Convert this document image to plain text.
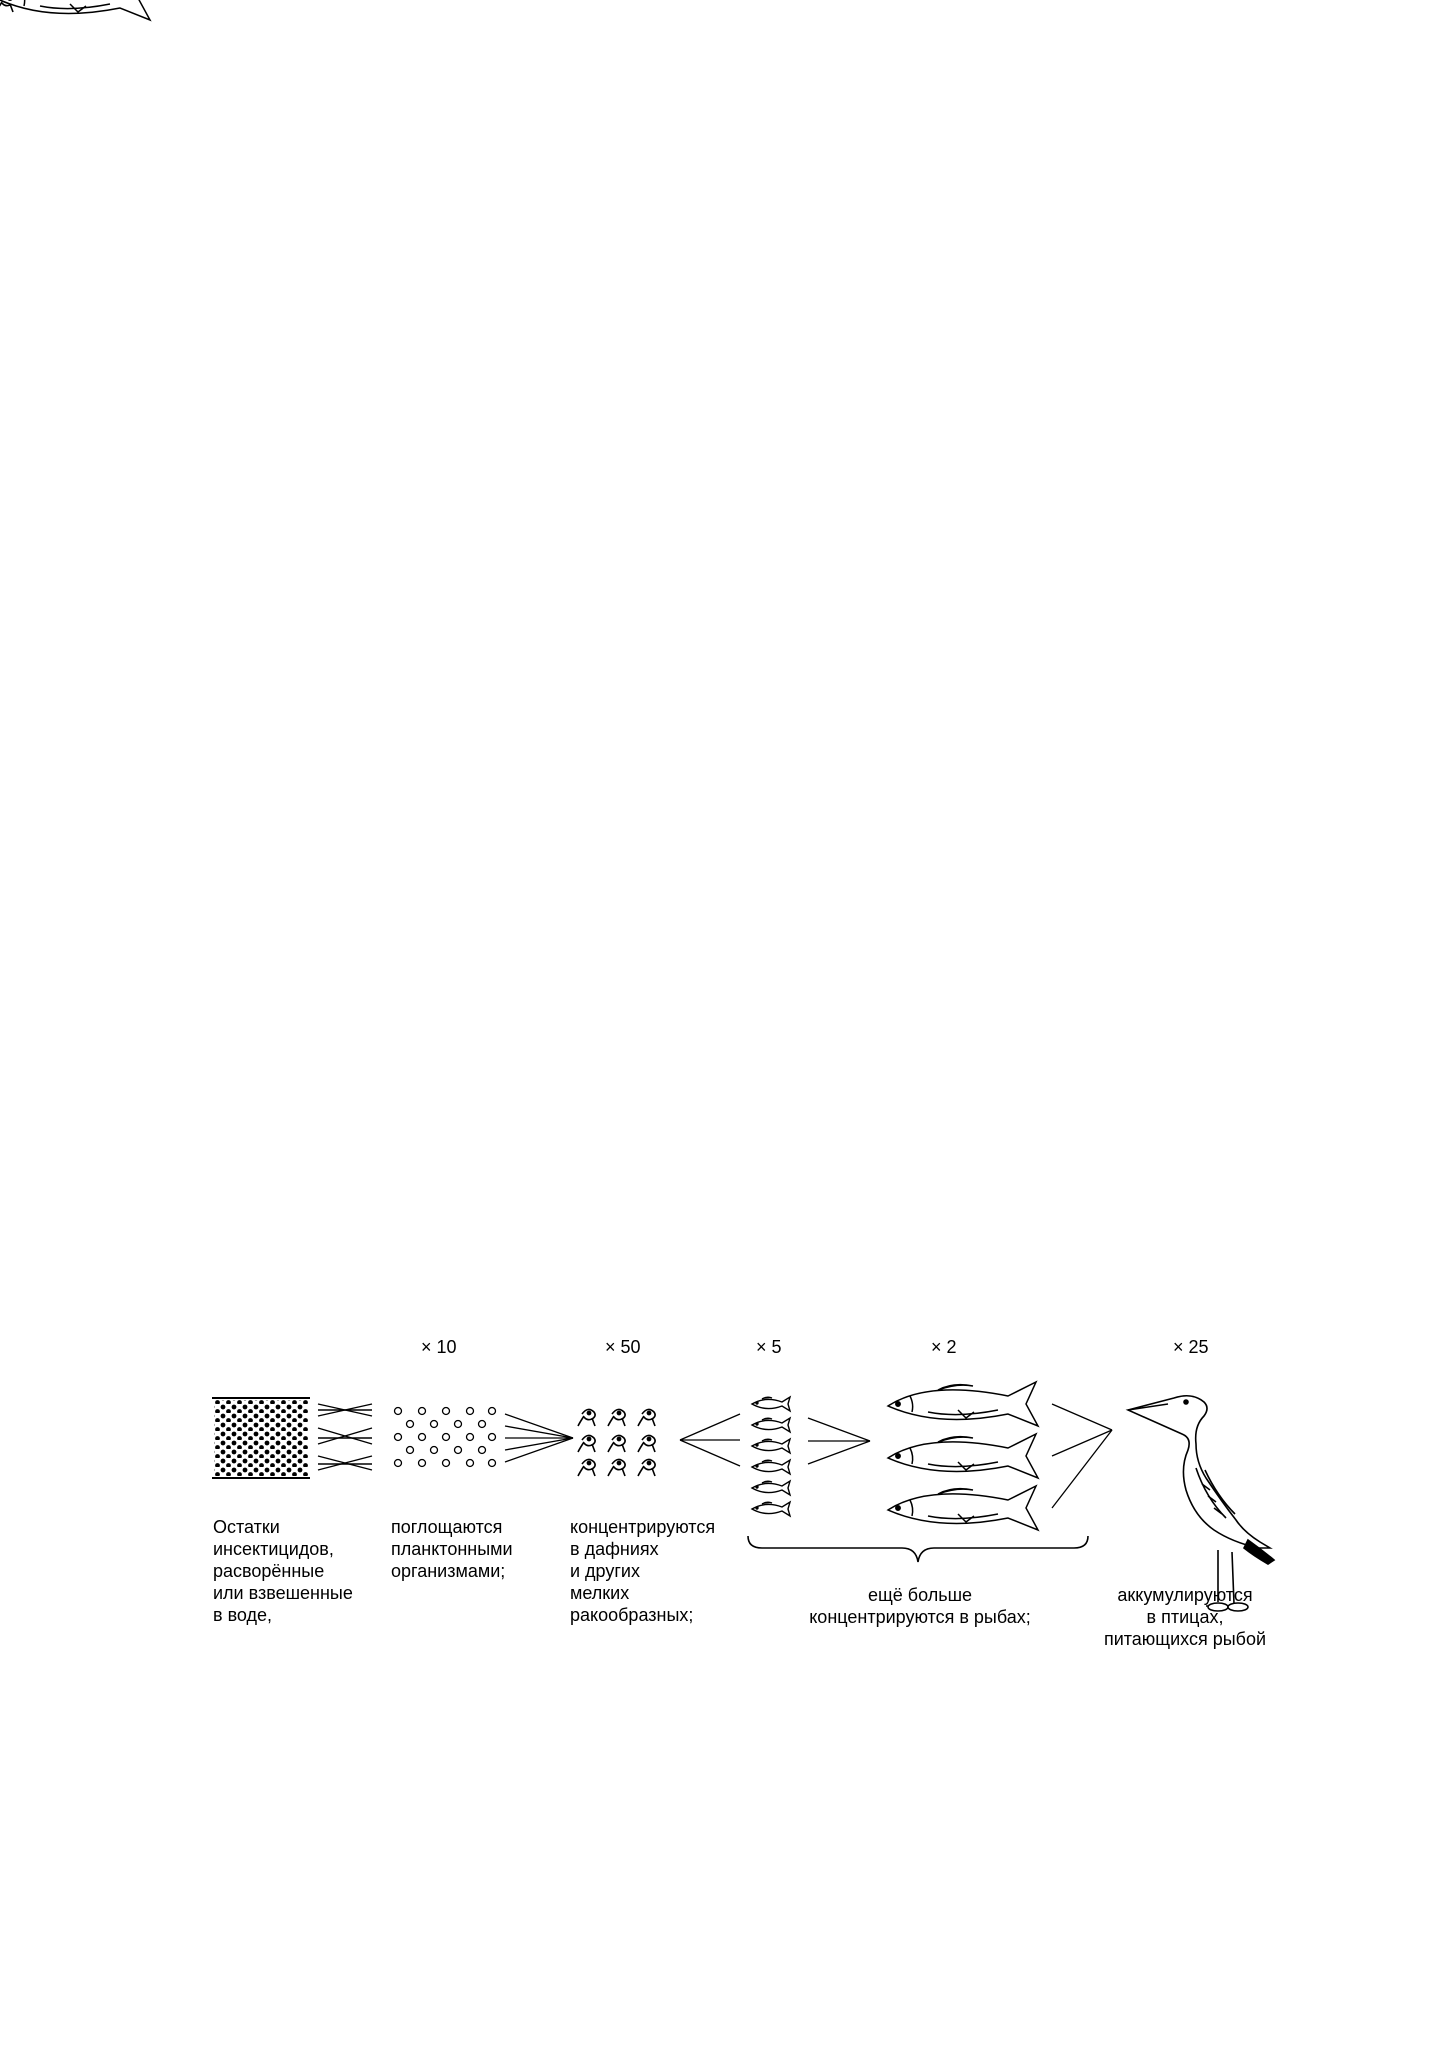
× 10	× 50	× 5	× 2	× 25
Остатки
инсектицидов,
расворённые
или взвешенные
в воде,
поглощаются
планктонными
организмами;
концентрируются
в дафниях
и других
мелких
ракообразных;
ещё больше
концентрируются в рыбах;
аккумулируются
в птицах,
питающихся рыбой
